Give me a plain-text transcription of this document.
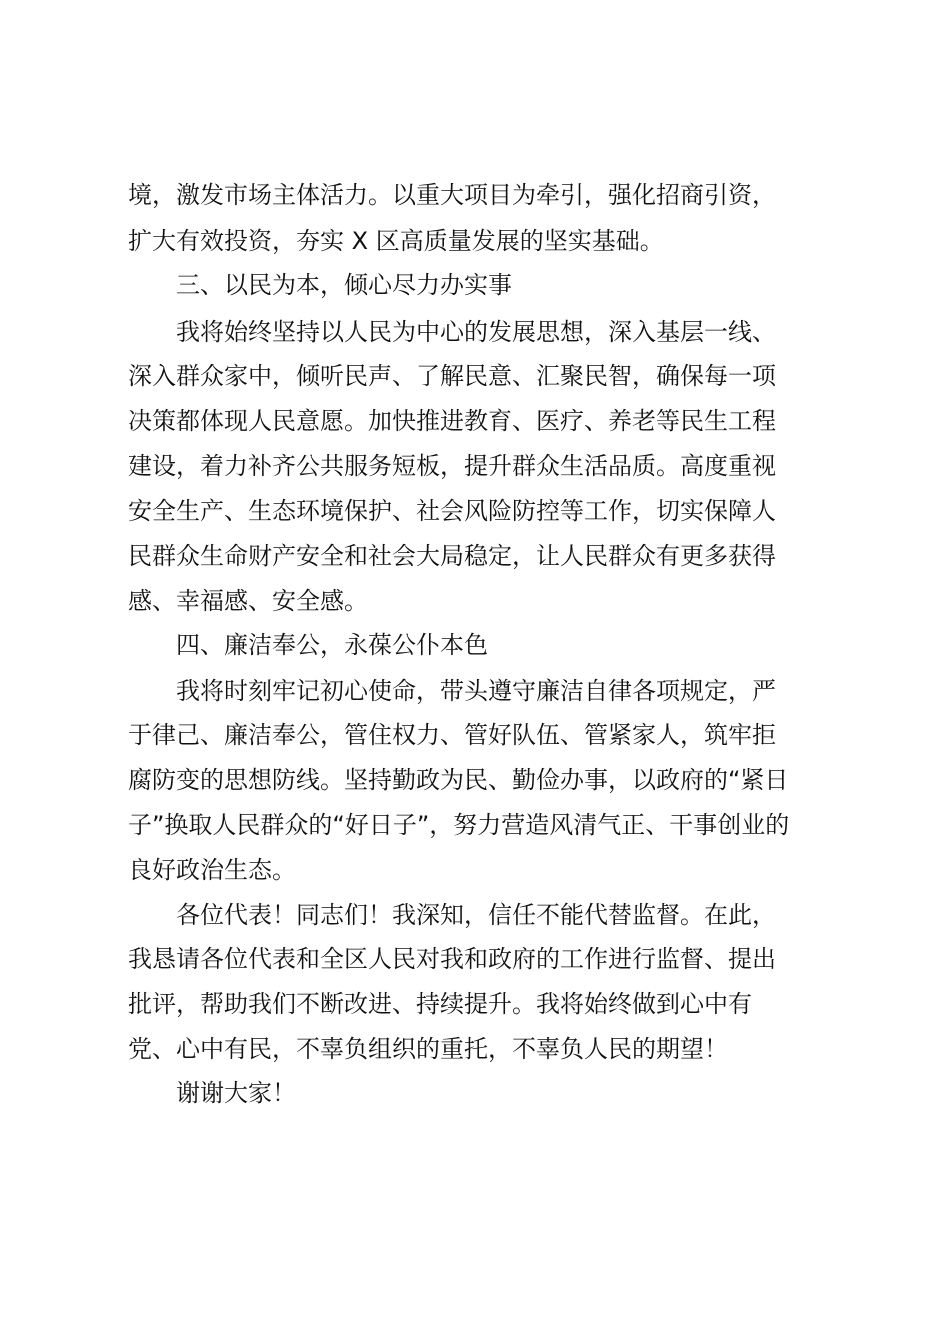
境，激发市场主体活力。以重大项目为牵引，强化招商引资，
扩大有效投资，夯实 X 区高质量发展的坚实基础。
三、以民为本，倾心尽力办实事
我将始终坚持以人民为中心的发展思想，深入基层一线、
深入群众家中，倾听民声、了解民意、汇聚民智，确保每一项
决策都体现人民意愿。加快推进教育、医疗、养老等民生工程
建设，着力补齐公共服务短板，提升群众生活品质。高度重视
安全生产、生态环境保护、社会风险防控等工作，切实保障人
民群众生命财产安全和社会大局稳定，让人民群众有更多获得
感、幸福感、安全感。
四、廉洁奉公，永葆公仆本色
我将时刻牢记初心使命，带头遵守廉洁自律各项规定，严
于律己、廉洁奉公，管住权力、管好队伍、管紧家人，筑牢拒
腐防变的思想防线。坚持勤政为民、勤俭办事，以政府的“紧日
子”换取人民群众的“好日子”，努力营造风清气正、干事创业的
良好政治生态。
各位代表！同志们！我深知，信任不能代替监督。在此，
我恳请各位代表和全区人民对我和政府的工作进行监督、提出
批评，帮助我们不断改进、持续提升。我将始终做到心中有
党、心中有民，不辜负组织的重托，不辜负人民的期望！
谢谢大家！
